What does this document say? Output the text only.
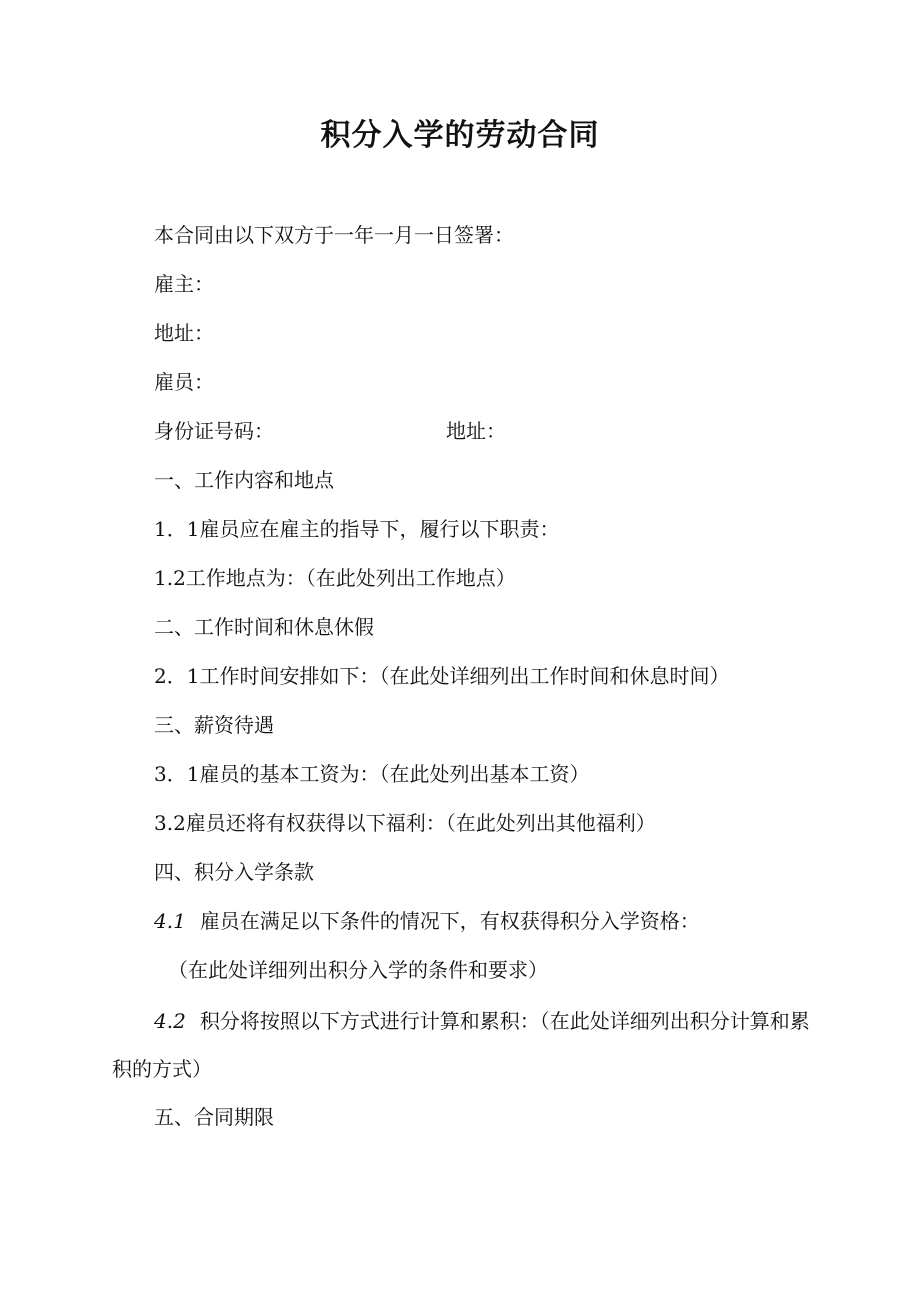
积分入学的劳动合同
本合同由以下双方于一年一月一日签署：
雇主：
地址：
雇员：
身份证号码：	地址：
一、工作内容和地点
1．1雇员应在雇主的指导下，履行以下职责：
1.2工作地点为：（在此处列出工作地点）
二、工作时间和休息休假
2．1工作时间安排如下：（在此处详细列出工作时间和休息时间）
三、薪资待遇
3．1雇员的基本工资为：（在此处列出基本工资）
3.2雇员还将有权获得以下福利：（在此处列出其他福利）
四、积分入学条款
4.1 雇员在满足以下条件的情况下，有权获得积分入学资格：
（在此处详细列出积分入学的条件和要求）
4.2 积分将按照以下方式进行计算和累积：（在此处详细列出积分计算和累积的方式）
五、合同期限
